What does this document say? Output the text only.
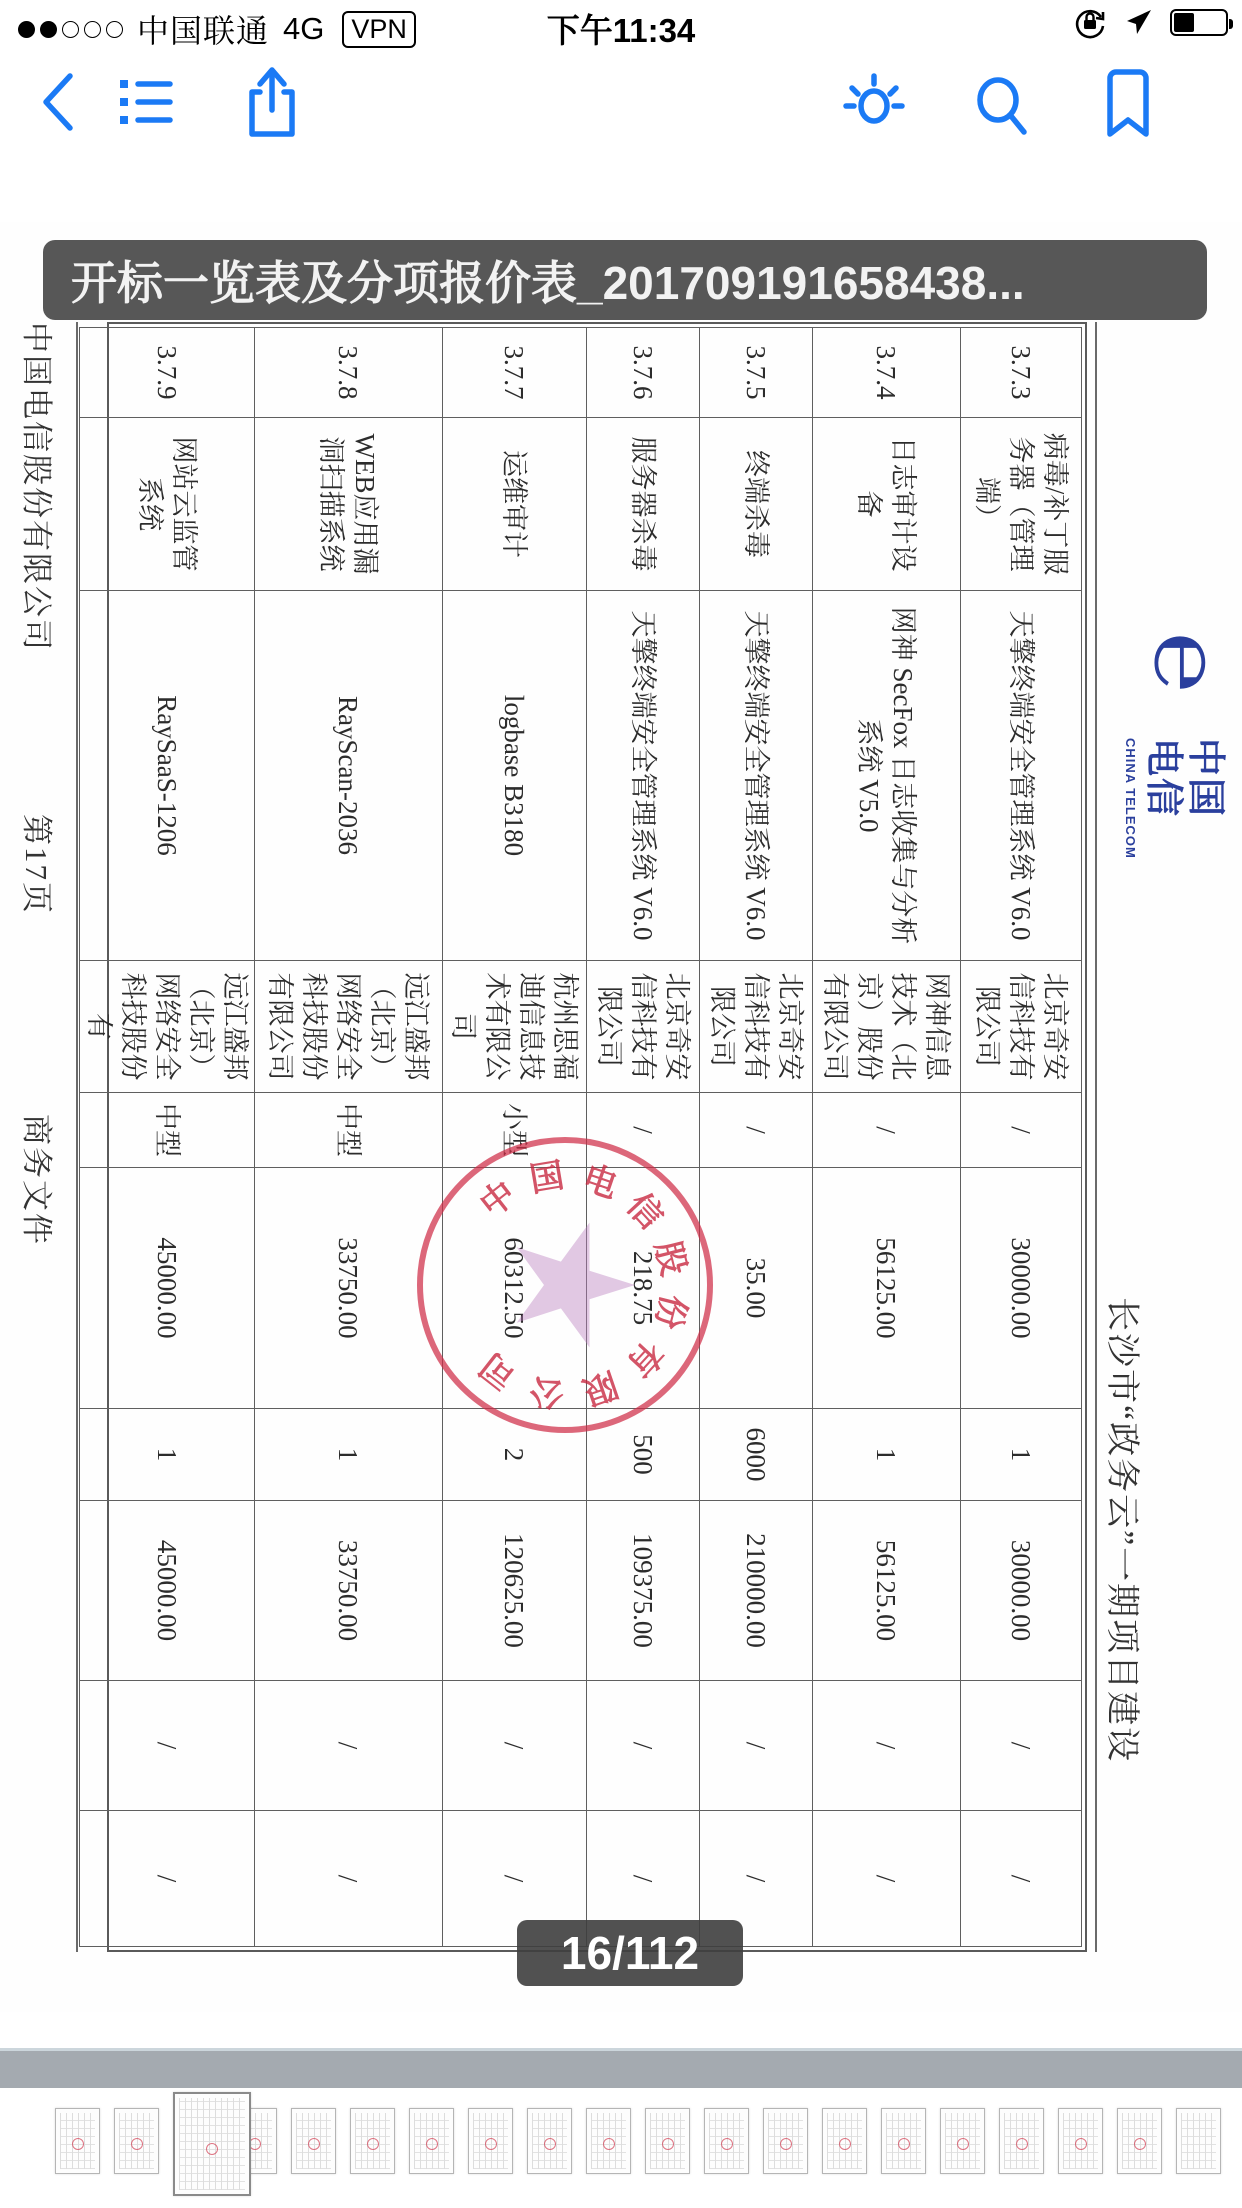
中国联通 4G	VPN	下午11:34
开标一览表及分项报价表_201709191658438...
℮︎
中国电信
CHINA TELECOM
长沙市“政务云”一期项目建设
3.7.3	病毒/补丁服务器（管理端）	天擎终端安全管理系统 V6.0	北京奇安信科技有限公司	/	30000.00	1	30000.00	/	/
3.7.4	日志审计设备	网神 SecFox 日志收集与分析系统 V5.0	网神信息技术（北京）股份有限公司	/	56125.00	1	56125.00	/	/
3.7.5	终端杀毒	天擎终端安全管理系统 V6.0	北京奇安信科技有限公司	/	35.00	6000	210000.00	/	/
3.7.6	服务器杀毒	天擎终端安全管理系统 V6.0	北京奇安信科技有限公司	/	218.75	500	109375.00	/	/
3.7.7	运维审计	logbase B3180	杭州思福迪信息技术有限公司	小型	60312.50	2	120625.00	/	/
3.7.8	WEB应用漏洞扫描系统	RayScan-2036	远江盛邦（北京）网络安全科技股份有限公司	中型	33750.00	1	33750.00	/	/
3.7.9	网站云监管系统	RaySaaS-1206	远江盛邦（北京）网络安全科技股份有	中型	45000.00	1	45000.00	/	/
中 国 电
信
股
份
有
限
公
司
中国电信股份有限公司
第17页
商务文件
16/112
